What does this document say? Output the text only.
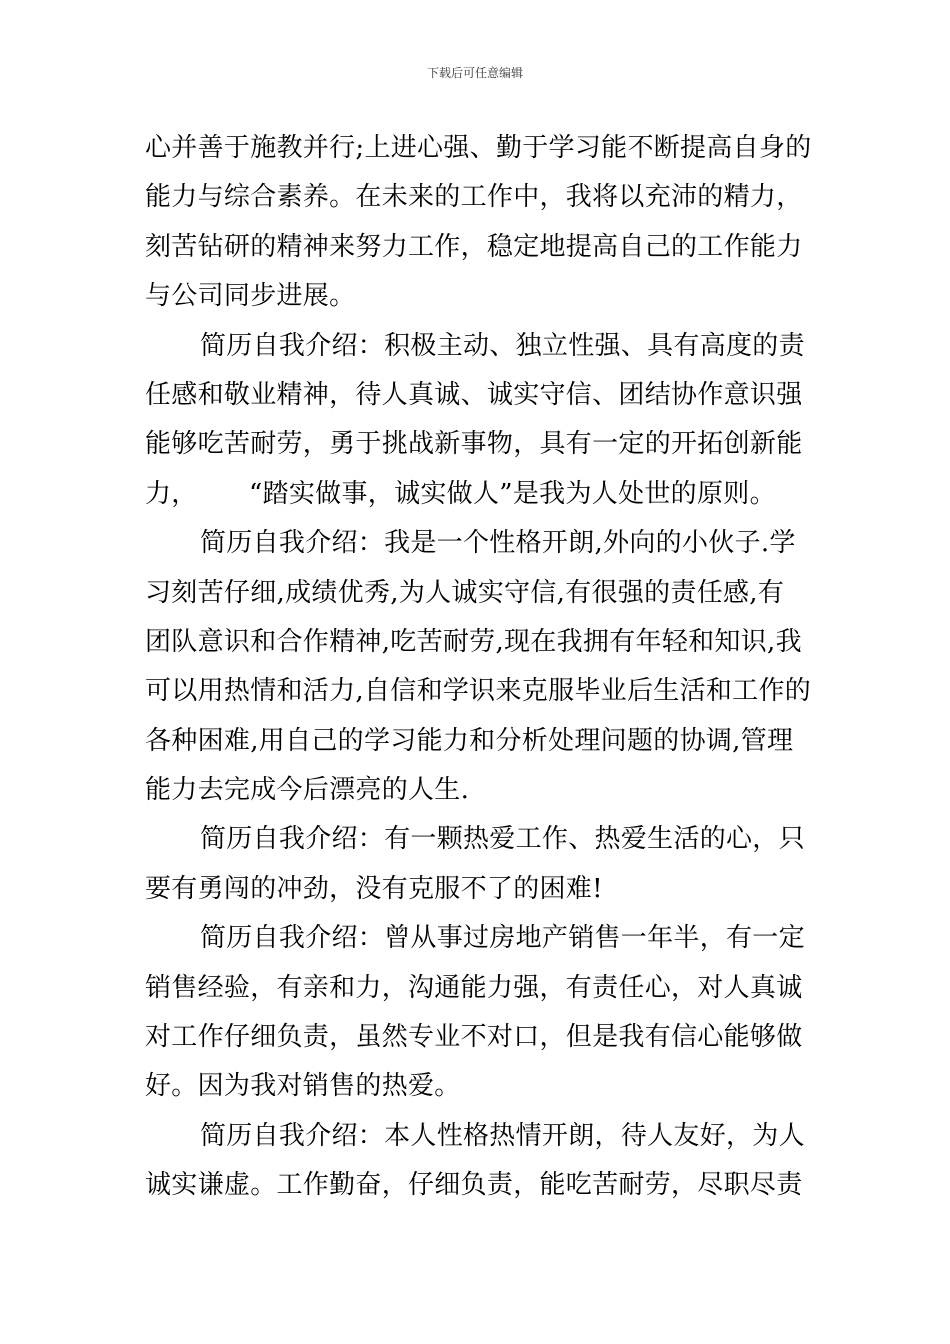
下载后可任意编辑
心并善于施教并行;上进心强、勤于学习能不断提高自身的
能力与综合素养。在未来的工作中，我将以充沛的精力，
刻苦钻研的精神来努力工作，稳定地提高自己的工作能力
与公司同步进展。
简历自我介绍：积极主动、独立性强、具有高度的责
任感和敬业精神，待人真诚、诚实守信、团结协作意识强
能够吃苦耐劳，勇于挑战新事物，具有一定的开拓创新能
力，      “踏实做事，诚实做人”是我为人处世的原则。
简历自我介绍：我是一个性格开朗,外向的小伙子.学
习刻苦仔细,成绩优秀,为人诚实守信,有很强的责任感,有
团队意识和合作精神,吃苦耐劳,现在我拥有年轻和知识,我
可以用热情和活力,自信和学识来克服毕业后生活和工作的
各种困难,用自己的学习能力和分析处理问题的协调,管理
能力去完成今后漂亮的人生.
简历自我介绍：有一颗热爱工作、热爱生活的心，只
要有勇闯的冲劲，没有克服不了的困难!
简历自我介绍：曾从事过房地产销售一年半，有一定
销售经验，有亲和力，沟通能力强，有责任心，对人真诚
对工作仔细负责，虽然专业不对口，但是我有信心能够做
好。因为我对销售的热爱。
简历自我介绍：本人性格热情开朗，待人友好，为人
诚实谦虚。工作勤奋，仔细负责，能吃苦耐劳，尽职尽责
